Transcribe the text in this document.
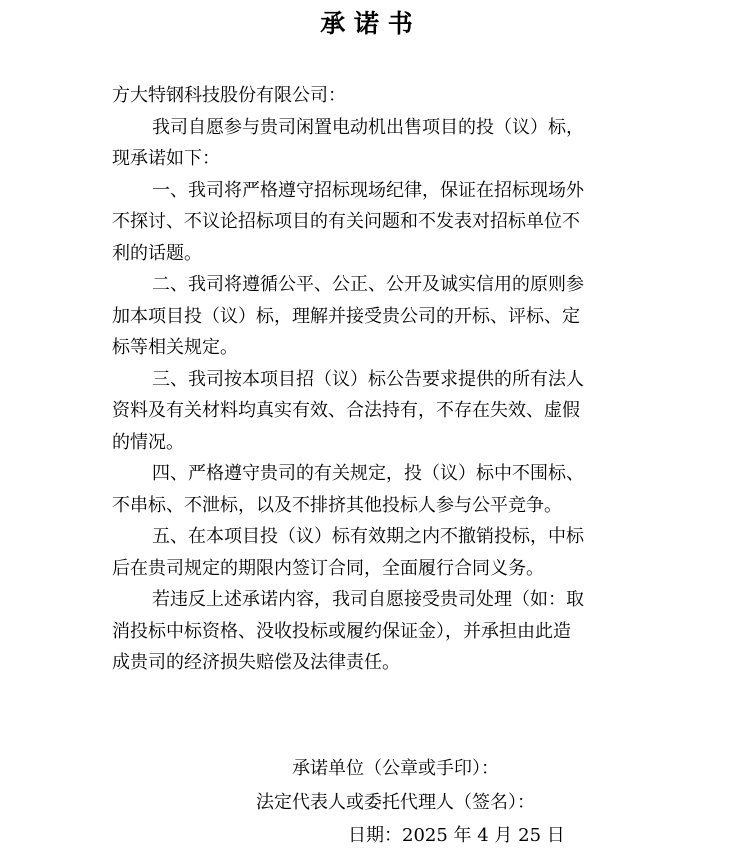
承 诺 书
方大特钢科技股份有限公司：
我司自愿参与贵司闲置电动机出售项目的投（议）标，
现承诺如下：
一、我司将严格遵守招标现场纪律，保证在招标现场外
不探讨、不议论招标项目的有关问题和不发表对招标单位不
利的话题。
二、我司将遵循公平、公正、公开及诚实信用的原则参
加本项目投（议）标，理解并接受贵公司的开标、评标、定
标等相关规定。
三、我司按本项目招（议）标公告要求提供的所有法人
资料及有关材料均真实有效、合法持有，不存在失效、虚假
的情况。
四、严格遵守贵司的有关规定，投（议）标中不围标、
不串标、不泄标，以及不排挤其他投标人参与公平竞争。
五、在本项目投（议）标有效期之内不撤销投标，中标
后在贵司规定的期限内签订合同，全面履行合同义务。
若违反上述承诺内容，我司自愿接受贵司处理（如：取
消投标中标资格、没收投标或履约保证金），并承担由此造
成贵司的经济损失赔偿及法律责任。
承诺单位（公章或手印）：
法定代表人或委托代理人（签名）：
日期：2025 年 4 月 25 日
